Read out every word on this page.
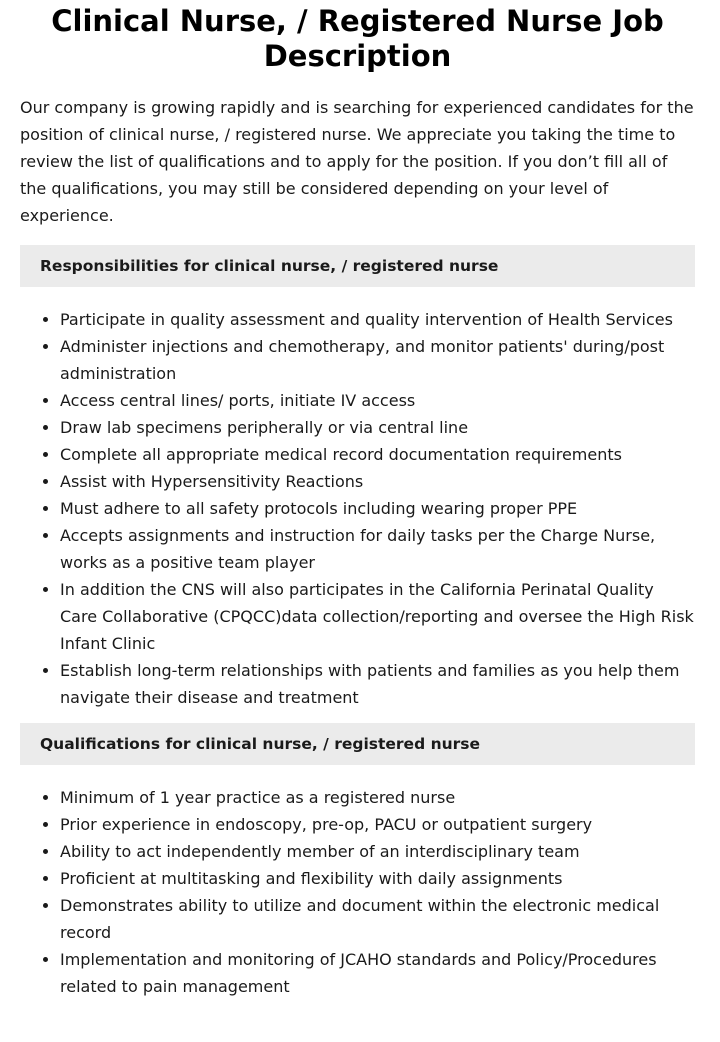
Clinical Nurse, / Registered Nurse Job Description

Our company is growing rapidly and is searching for experienced candidates for the position of clinical nurse, / registered nurse. We appreciate you taking the time to review the list of qualifications and to apply for the position. If you don’t fill all of the qualifications, you may still be considered depending on your level of experience.

Responsibilities for clinical nurse, / registered nurse
Participate in quality assessment and quality intervention of Health Services
Administer injections and chemotherapy, and monitor patients' during/post administration
Access central lines/ ports, initiate IV access
Draw lab specimens peripherally or via central line
Complete all appropriate medical record documentation requirements
Assist with Hypersensitivity Reactions
Must adhere to all safety protocols including wearing proper PPE
Accepts assignments and instruction for daily tasks per the Charge Nurse, works as a positive team player
In addition the CNS will also participates in the California Perinatal Quality Care Collaborative (CPQCC)data collection/reporting and oversee the High Risk Infant Clinic
Establish long-term relationships with patients and families as you help them navigate their disease and treatment
Qualifications for clinical nurse, / registered nurse
Minimum of 1 year practice as a registered nurse
Prior experience in endoscopy, pre-op, PACU or outpatient surgery
Ability to act independently member of an interdisciplinary team
Proficient at multitasking and flexibility with daily assignments
Demonstrates ability to utilize and document within the electronic medical record
Implementation and monitoring of JCAHO standards and Policy/Procedures related to pain management
